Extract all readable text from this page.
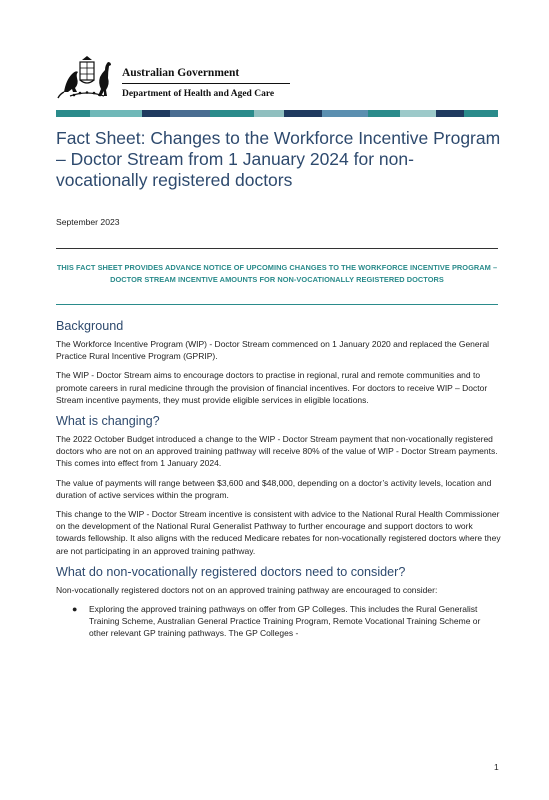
Australian Government
Department of Health and Aged Care
Fact Sheet: Changes to the Workforce Incentive Program – Doctor Stream from 1 January 2024 for non-vocationally registered doctors
September 2023
THIS FACT SHEET PROVIDES ADVANCE NOTICE OF UPCOMING CHANGES TO THE WORKFORCE INCENTIVE PROGRAM – DOCTOR STREAM INCENTIVE AMOUNTS FOR NON-VOCATIONALLY REGISTERED DOCTORS
Background

The Workforce Incentive Program (WIP) - Doctor Stream commenced on 1 January 2020 and replaced the General Practice Rural Incentive Program (GPRIP).

The WIP - Doctor Stream aims to encourage doctors to practise in regional, rural and remote communities and to promote careers in rural medicine through the provision of financial incentives. For doctors to receive WIP – Doctor Stream incentive payments, they must provide eligible services in eligible locations.

What is changing?

The 2022 October Budget introduced a change to the WIP - Doctor Stream payment that non-vocationally registered doctors who are not on an approved training pathway will receive 80% of the value of WIP - Doctor Stream payments. This comes into effect from 1 January 2024.

The value of payments will range between $3,600 and $48,000, depending on a doctor’s activity levels, location and duration of active services within the program.

This change to the WIP - Doctor Stream incentive is consistent with advice to the National Rural Health Commissioner on the development of the National Rural Generalist Pathway to further encourage and support doctors to work towards fellowship. It also aligns with the reduced Medicare rebates for non-vocationally registered doctors where they are not participating in an approved training pathway.

What do non-vocationally registered doctors need to consider?

Non-vocationally registered doctors not on an approved training pathway are encouraged to consider:

● Exploring the approved training pathways on offer from GP Colleges. This includes the Rural Generalist Training Scheme, Australian General Practice Training Program, Remote Vocational Training Scheme or other relevant GP training pathways. The GP Colleges -
1
